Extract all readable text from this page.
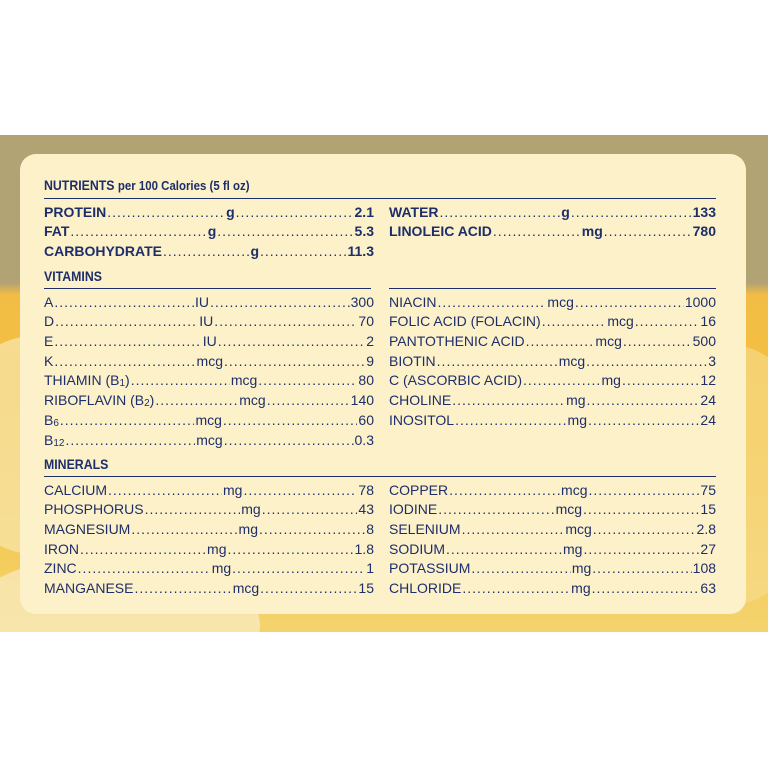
NUTRIENTS per 100 Calories (5 fl oz)
PROTEIN .....	g .....	2.1
FAT .....	g .....	5.3
CARBOHYDRATE .....	g .....	11.3
WATER .....	g .....	133
LINOLEIC ACID .....	mg .....	780
VITAMINS
A .....	IU .....	300
D .....	IU .....	70
E .....	IU .....	2
K .....	mcg .....	9
THIAMIN $(B_1)$ .....	mcg .....	80
RIBOFLAVIN $(B_2)$ .....	mcg .....	140
$B_6$ .....	mcg .....	60
$B_{12}$ .....	mcg .....	0.3
NIACIN .....	mcg .....	1000
FOLIC ACID (FOLACIN) .....	mcg .....	16
PANTOTHENIC ACID .....	mcg .....	500
BIOTIN .....	mcg .....	3
C (ASCORBIC ACID) .....	mg .....	12
CHOLINE .....	mg .....	24
INOSITOL .....	mg .....	24
MINERALS
CALCIUM .....	mg .....	78
PHOSPHORUS .....	mg .....	43
MAGNESIUM .....	mg .....	8
IRON .....	mg .....	1.8
ZINC .....	mg .....	1
MANGANESE .....	mcg .....	15
COPPER .....	mcg .....	75
IODINE .....	mcg .....	15
SELENIUM .....	mcg .....	2.8
SODIUM .....	mg .....	27
POTASSIUM .....	mg .....	108
CHLORIDE .....	mg .....	63
